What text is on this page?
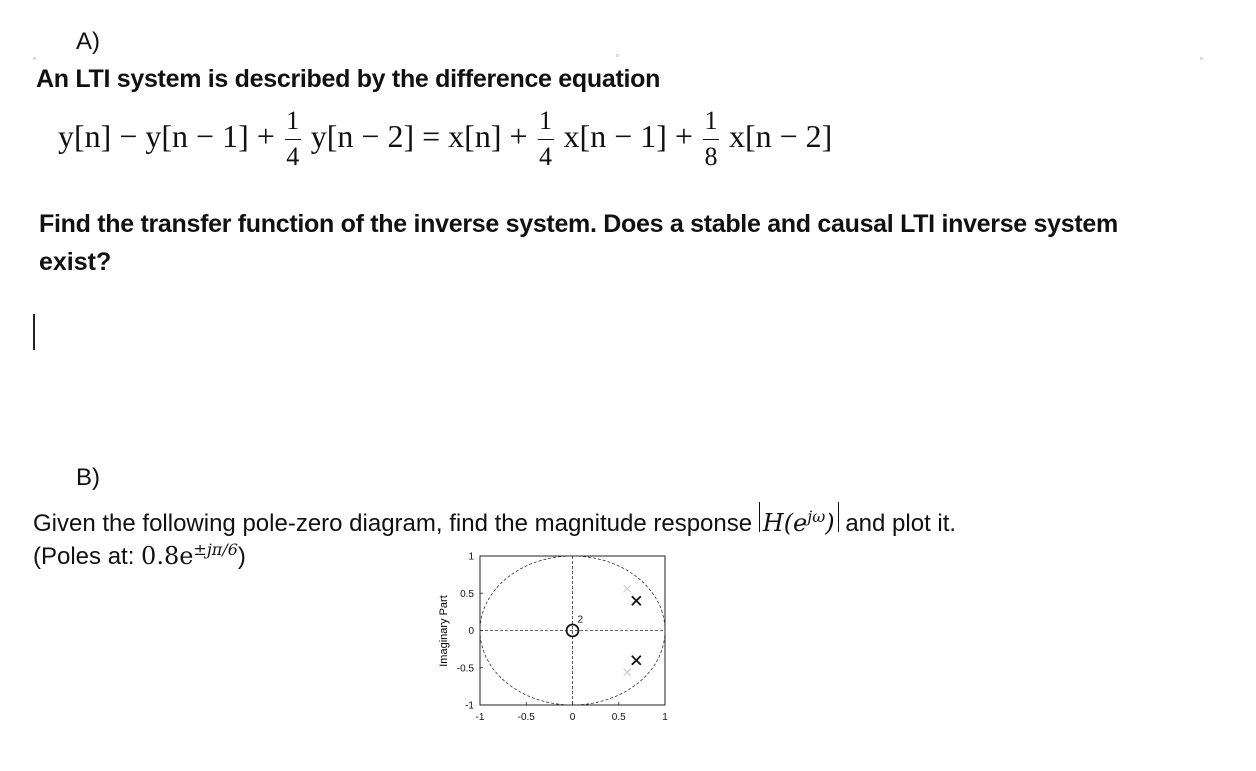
A)
An LTI system is described by the difference equation
$y[n] - y[n - 1] + \frac{1}{4} y[n - 2] = x[n] + \frac{1}{4} x[n - 1] + \frac{1}{8} x[n - 2]$
Find the transfer function of the inverse system. Does a stable and causal LTI inverse system
exist?
B)
Given the following pole-zero diagram, find the magnitude response $H(e^{j\omega})$ and plot it.
(Poles at: $0.8e^{\pm j\pi/6}$)
Imaginary Part
-1	-0.5	0	0.5	1
1
0.5
0
-0.5
-1
2
